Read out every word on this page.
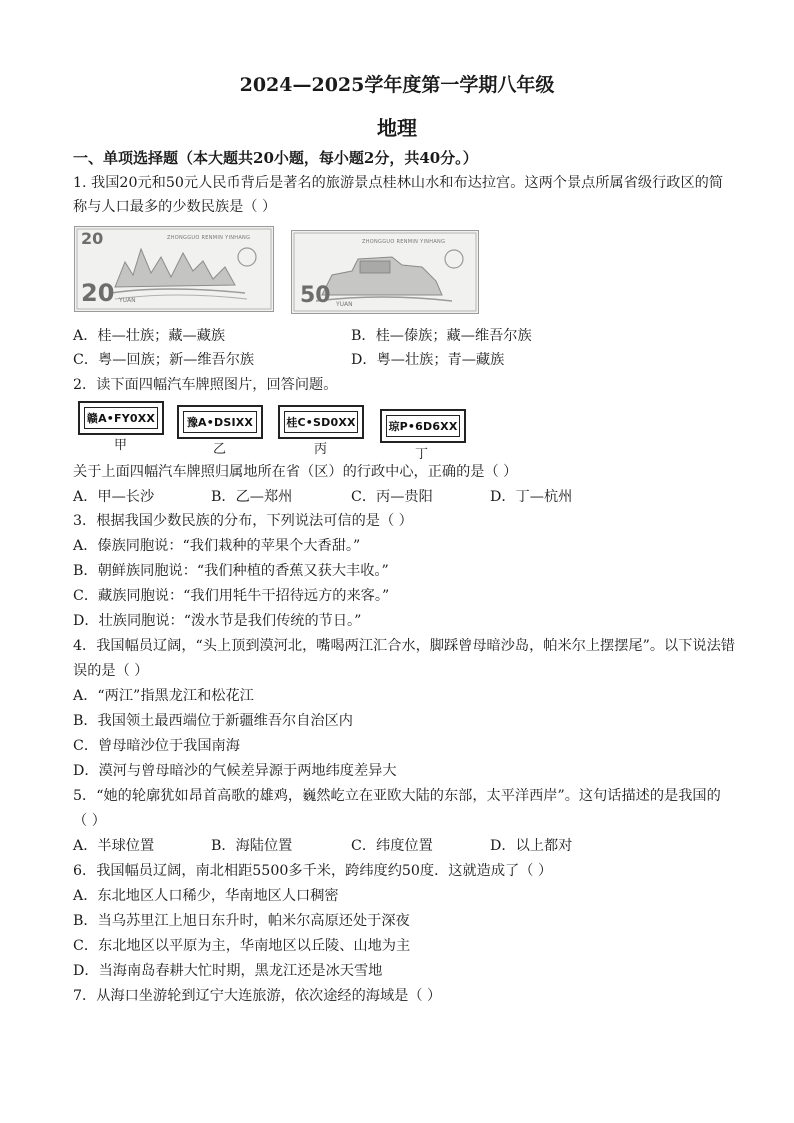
2024—2025学年度第一学期八年级
地理
一、单项选择题（本大题共20小题，每小题2分，共40分。）
1. 我国20元和50元人民币背后是著名的旅游景点桂林山水和布达拉宫。这两个景点所属省级行政区的简
称与人口最多的少数民族是（ ）
20	ZHONGGUO RENMIN YINHANG
20 YUAN
ZHONGGUO RENMIN YINHANG
50 YUAN
A．桂—壮族；藏—藏族	B．桂—傣族；藏—维吾尔族
C．粤—回族；新—维吾尔族	D．粤—壮族；青—藏族
2．读下面四幅汽车牌照图片，回答问题。
赣A•FY0XX
甲
豫A•DSIXX
乙
桂C•SD0XX
丙
琼P•6D6XX
丁
关于上面四幅汽车牌照归属地所在省（区）的行政中心，正确的是（ ）
A．甲—长沙	B．乙—郑州	C．丙—贵阳	D．丁—杭州
3．根据我国少数民族的分布，下列说法可信的是（ ）
A．傣族同胞说：“我们栽种的苹果个大香甜。”
B．朝鲜族同胞说：“我们种植的香蕉又获大丰收。”
C．藏族同胞说：“我们用牦牛干招待远方的来客。”
D．壮族同胞说：“泼水节是我们传统的节日。”
4．我国幅员辽阔，“头上顶到漠河北，嘴喝两江汇合水，脚踩曾母暗沙岛，帕米尔上摆摆尾”。以下说法错
误的是（ ）
A．“两江”指黑龙江和松花江
B．我国领土最西端位于新疆维吾尔自治区内
C．曾母暗沙位于我国南海
D．漠河与曾母暗沙的气候差异源于两地纬度差异大
5．“她的轮廓犹如昂首高歌的雄鸡，巍然屹立在亚欧大陆的东部，太平洋西岸”。这句话描述的是我国的
（ ）
A．半球位置	B．海陆位置	C．纬度位置	D．以上都对
6．我国幅员辽阔，南北相距5500多千米，跨纬度约50度．这就造成了（ ）
A．东北地区人口稀少，华南地区人口稠密
B．当乌苏里江上旭日东升时，帕米尔高原还处于深夜
C．东北地区以平原为主，华南地区以丘陵、山地为主
D．当海南岛春耕大忙时期，黑龙江还是冰天雪地
7．从海口坐游轮到辽宁大连旅游，依次途经的海域是（ ）
